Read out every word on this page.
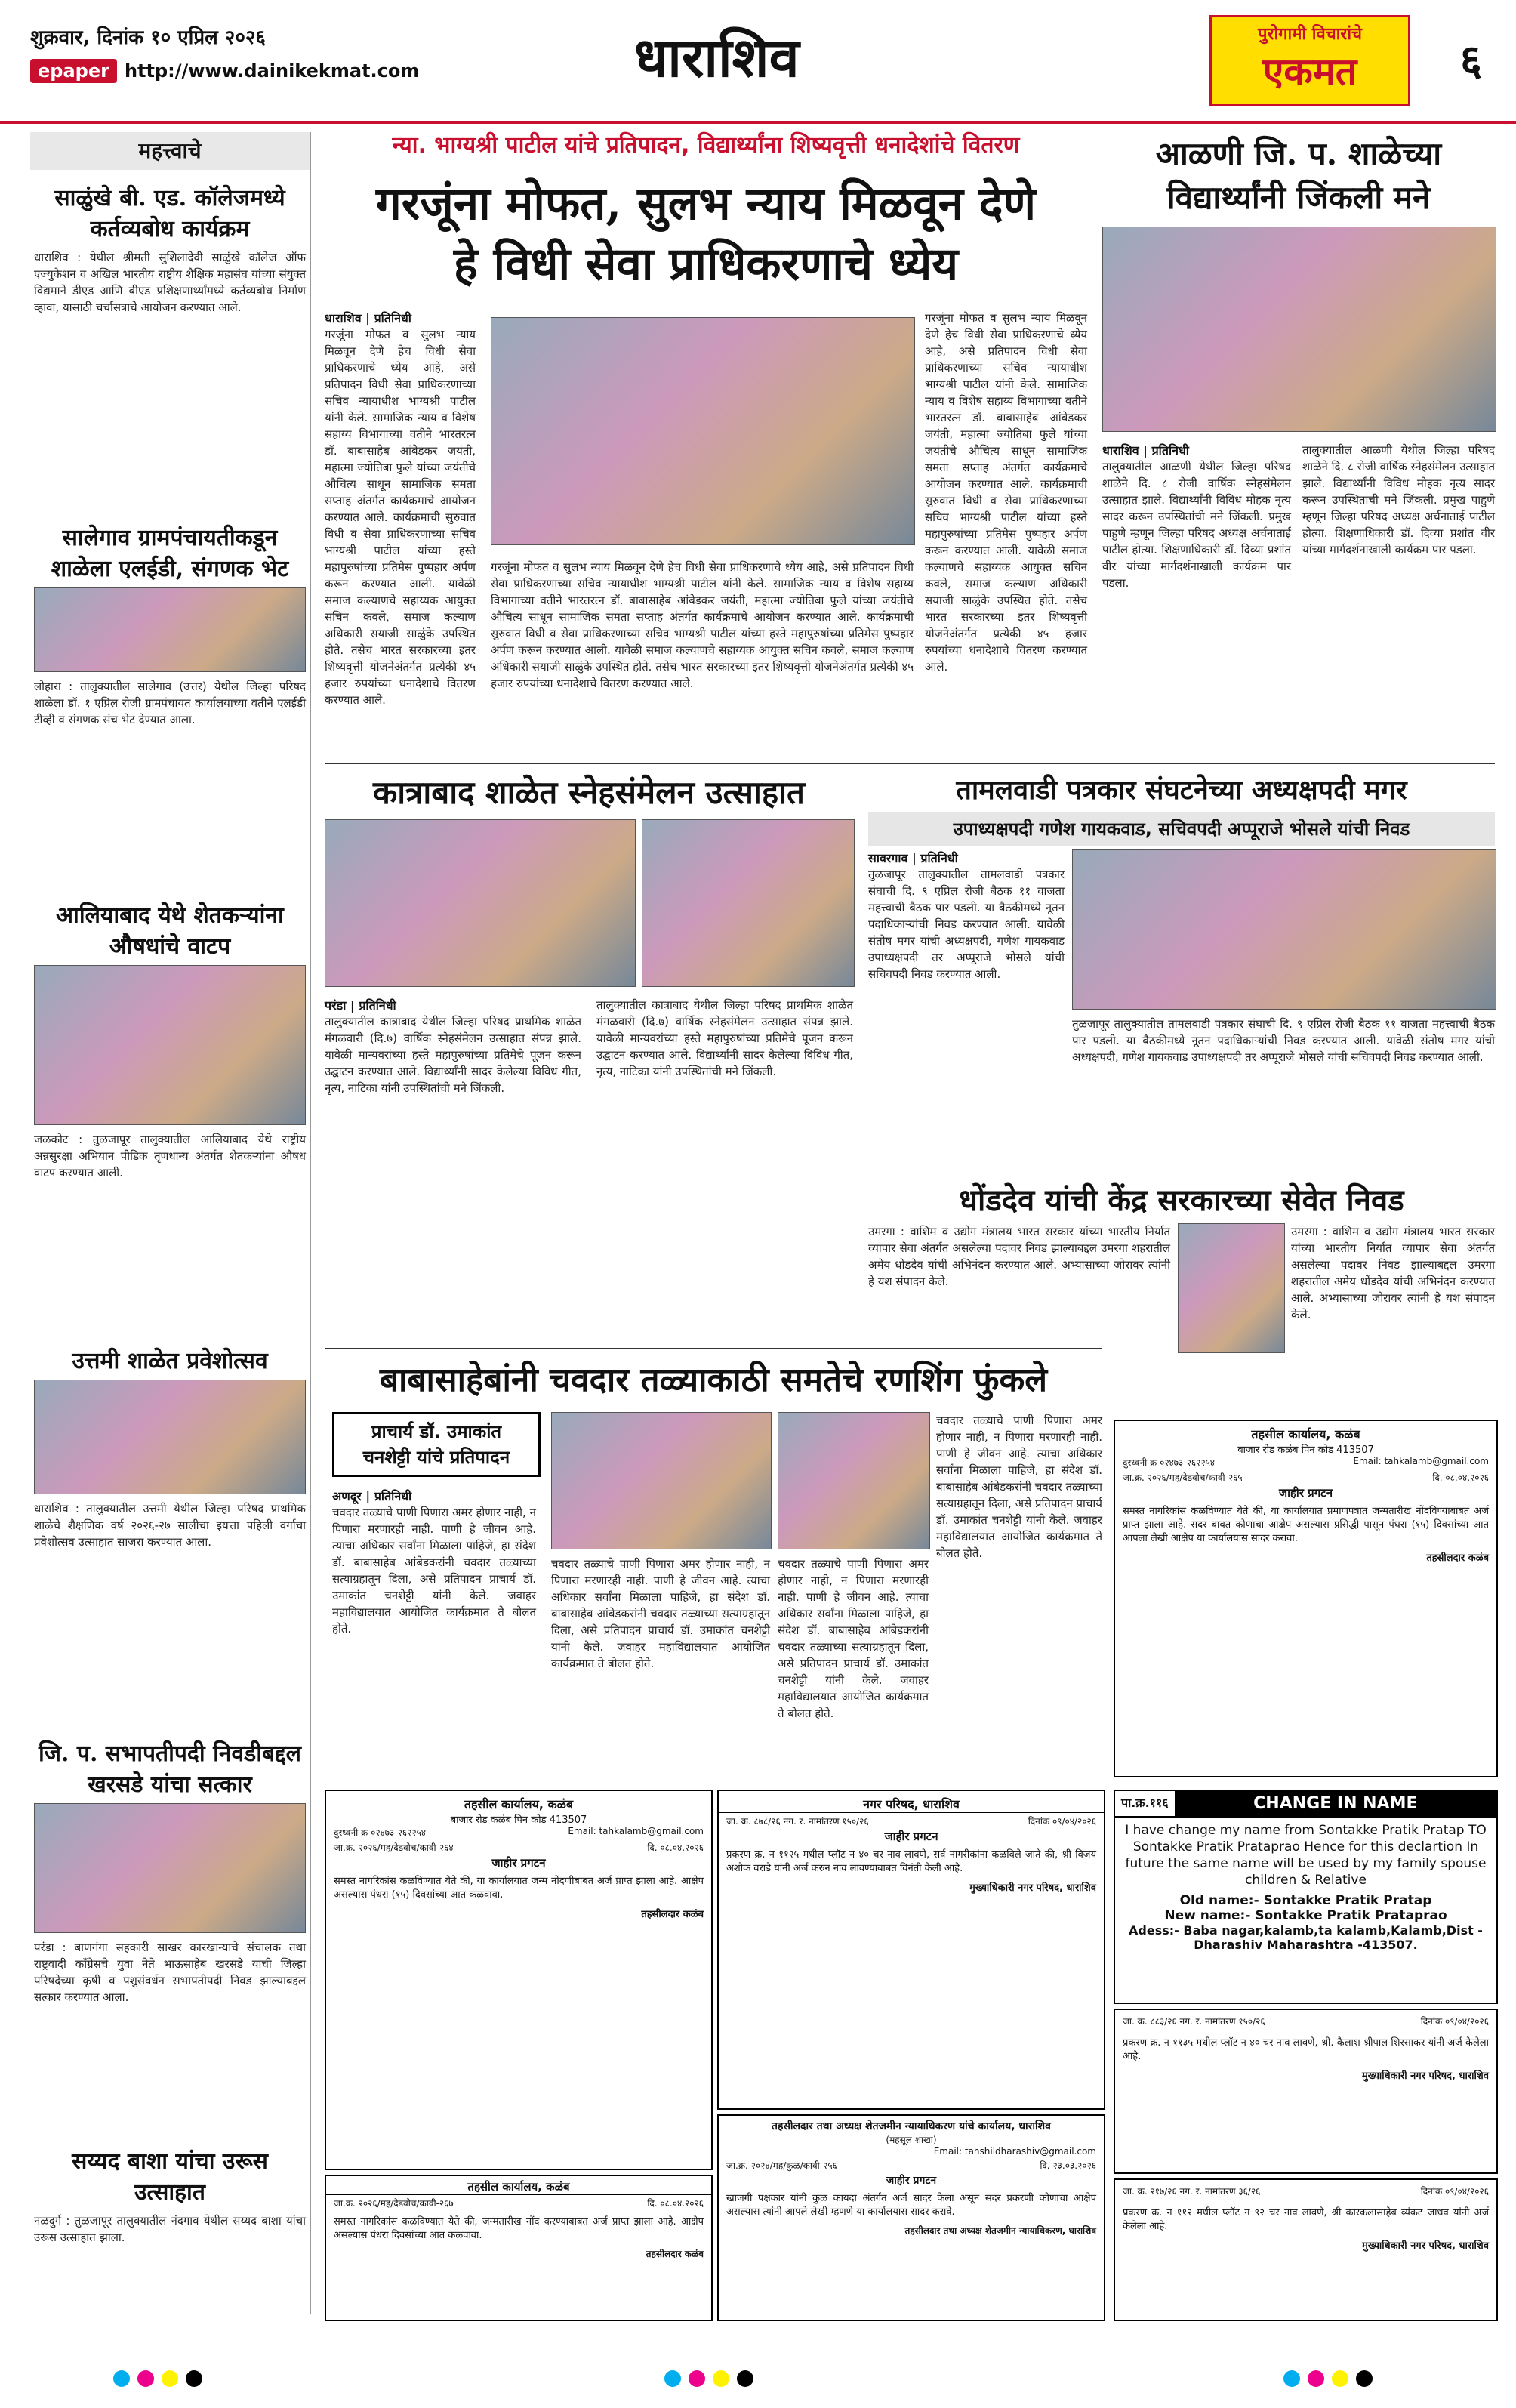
शुक्रवार, दिनांक १० एप्रिल २०२६
epaper http://www.dainikekmat.com	धाराशिव	पुरोगामी विचारांचे
एकमत	६
महत्त्वाचे
साळुंखे बी. एड. कॉलेजमध्ये कर्तव्यबोध कार्यक्रम
धाराशिव : येथील श्रीमती सुशिलादेवी साळुंखे कॉलेज ऑफ एज्युकेशन व अखिल भारतीय राष्ट्रीय शैक्षिक महासंघ यांच्या संयुक्त विद्यमाने डीएड आणि बीएड प्रशिक्षणार्थ्यांमध्ये कर्तव्यबोध निर्माण व्हावा, यासाठी चर्चासत्राचे आयोजन करण्यात आले.
सालेगाव ग्रामपंचायतीकडून शाळेला एलईडी, संगणक भेट
लोहारा : तालुक्यातील सालेगाव (उत्तर) येथील जिल्हा परिषद शाळेला डॉ. १ एप्रिल रोजी ग्रामपंचायत कार्यालयाच्या वतीने एलईडी टीव्ही व संगणक संच भेट देण्यात आला.
आलियाबाद येथे शेतकऱ्यांना औषधांचे वाटप
जळकोट : तुळजापूर तालुक्यातील आलियाबाद येथे राष्ट्रीय अन्नसुरक्षा अभियान पीडिक तृणधान्य अंतर्गत शेतकऱ्यांना औषध वाटप करण्यात आली.
उत्तमी शाळेत प्रवेशोत्सव
धाराशिव : तालुक्यातील उत्तमी येथील जिल्हा परिषद प्राथमिक शाळेचे शैक्षणिक वर्ष २०२६-२७ सालीचा इयत्ता पहिली वर्गाचा प्रवेशोत्सव उत्साहात साजरा करण्यात आला.
जि. प. सभापतीपदी निवडीबद्दल खरसडे यांचा सत्कार
परंडा : बाणगंगा सहकारी साखर कारखान्याचे संचालक तथा राष्ट्रवादी काँग्रेसचे युवा नेते भाऊसाहेब खरसडे यांची जिल्हा परिषदेच्या कृषी व पशुसंवर्धन सभापतीपदी निवड झाल्याबद्दल सत्कार करण्यात आला.
सय्यद बाशा यांचा उरूस उत्साहात
नळदुर्ग : तुळजापूर तालुक्यातील नंदगाव येथील सय्यद बाशा यांचा उरूस उत्साहात झाला.
न्या. भाग्यश्री पाटील यांचे प्रतिपादन, विद्यार्थ्यांना शिष्यवृत्ती धनादेशांचे वितरण
गरजूंना मोफत, सुलभ न्याय मिळवून देणे
हे विधी सेवा प्राधिकरणाचे ध्येय
धाराशिव | प्रतिनिधी
गरजूंना मोफत व सुलभ न्याय मिळवून देणे हेच विधी सेवा प्राधिकरणाचे ध्येय आहे, असे प्रतिपादन विधी सेवा प्राधिकरणाच्या सचिव न्यायाधीश भाग्यश्री पाटील यांनी केले. सामाजिक न्याय व विशेष सहाय्य विभागाच्या वतीने भारतरत्न डॉ. बाबासाहेब आंबेडकर जयंती, महात्मा ज्योतिबा फुले यांच्या जयंतीचे औचित्य साधून सामाजिक समता सप्ताह अंतर्गत कार्यक्रमाचे आयोजन करण्यात आले. कार्यक्रमाची सुरुवात विधी व सेवा प्राधिकरणाच्या सचिव भाग्यश्री पाटील यांच्या हस्ते महापुरुषांच्या प्रतिमेस पुष्पहार अर्पण करून करण्यात आली. यावेळी समाज कल्याणचे सहाय्यक आयुक्त सचिन कवले, समाज कल्याण अधिकारी सयाजी साळुंके उपस्थित होते. तसेच भारत सरकारच्या इतर शिष्यवृत्ती योजनेअंतर्गत प्रत्येकी ४५ हजार रुपयांच्या धनादेशाचे वितरण करण्यात आले.
गरजूंना मोफत व सुलभ न्याय मिळवून देणे हेच विधी सेवा प्राधिकरणाचे ध्येय आहे, असे प्रतिपादन विधी सेवा प्राधिकरणाच्या सचिव न्यायाधीश भाग्यश्री पाटील यांनी केले. सामाजिक न्याय व विशेष सहाय्य विभागाच्या वतीने भारतरत्न डॉ. बाबासाहेब आंबेडकर जयंती, महात्मा ज्योतिबा फुले यांच्या जयंतीचे औचित्य साधून सामाजिक समता सप्ताह अंतर्गत कार्यक्रमाचे आयोजन करण्यात आले. कार्यक्रमाची सुरुवात विधी व सेवा प्राधिकरणाच्या सचिव भाग्यश्री पाटील यांच्या हस्ते महापुरुषांच्या प्रतिमेस पुष्पहार अर्पण करून करण्यात आली. यावेळी समाज कल्याणचे सहाय्यक आयुक्त सचिन कवले, समाज कल्याण अधिकारी सयाजी साळुंके उपस्थित होते. तसेच भारत सरकारच्या इतर शिष्यवृत्ती योजनेअंतर्गत प्रत्येकी ४५ हजार रुपयांच्या धनादेशाचे वितरण करण्यात आले.
गरजूंना मोफत व सुलभ न्याय मिळवून देणे हेच विधी सेवा प्राधिकरणाचे ध्येय आहे, असे प्रतिपादन विधी सेवा प्राधिकरणाच्या सचिव न्यायाधीश भाग्यश्री पाटील यांनी केले. सामाजिक न्याय व विशेष सहाय्य विभागाच्या वतीने भारतरत्न डॉ. बाबासाहेब आंबेडकर जयंती, महात्मा ज्योतिबा फुले यांच्या जयंतीचे औचित्य साधून सामाजिक समता सप्ताह अंतर्गत कार्यक्रमाचे आयोजन करण्यात आले. कार्यक्रमाची सुरुवात विधी व सेवा प्राधिकरणाच्या सचिव भाग्यश्री पाटील यांच्या हस्ते महापुरुषांच्या प्रतिमेस पुष्पहार अर्पण करून करण्यात आली. यावेळी समाज कल्याणचे सहाय्यक आयुक्त सचिन कवले, समाज कल्याण अधिकारी सयाजी साळुंके उपस्थित होते. तसेच भारत सरकारच्या इतर शिष्यवृत्ती योजनेअंतर्गत प्रत्येकी ४५ हजार रुपयांच्या धनादेशाचे वितरण करण्यात आले.
आळणी जि. प. शाळेच्या
विद्यार्थ्यांनी जिंकली मने
धाराशिव | प्रतिनिधी
तालुक्यातील आळणी येथील जिल्हा परिषद शाळेने दि. ८ रोजी वार्षिक स्नेहसंमेलन उत्साहात झाले. विद्यार्थ्यांनी विविध मोहक नृत्य सादर करून उपस्थितांची मने जिंकली. प्रमुख पाहुणे म्हणून जिल्हा परिषद अध्यक्ष अर्चनाताई पाटील होत्या. शिक्षणाधिकारी डॉ. दिव्या प्रशांत वीर यांच्या मार्गदर्शनाखाली कार्यक्रम पार पडला.
तालुक्यातील आळणी येथील जिल्हा परिषद शाळेने दि. ८ रोजी वार्षिक स्नेहसंमेलन उत्साहात झाले. विद्यार्थ्यांनी विविध मोहक नृत्य सादर करून उपस्थितांची मने जिंकली. प्रमुख पाहुणे म्हणून जिल्हा परिषद अध्यक्ष अर्चनाताई पाटील होत्या. शिक्षणाधिकारी डॉ. दिव्या प्रशांत वीर यांच्या मार्गदर्शनाखाली कार्यक्रम पार पडला.
कात्राबाद शाळेत स्नेहसंमेलन उत्साहात
परंडा | प्रतिनिधी
तालुक्यातील कात्राबाद येथील जिल्हा परिषद प्राथमिक शाळेत मंगळवारी (दि.७) वार्षिक स्नेहसंमेलन उत्साहात संपन्न झाले. यावेळी मान्यवरांच्या हस्ते महापुरुषांच्या प्रतिमेचे पूजन करून उद्घाटन करण्यात आले. विद्यार्थ्यांनी सादर केलेल्या विविध गीत, नृत्य, नाटिका यांनी उपस्थितांची मने जिंकली.
तालुक्यातील कात्राबाद येथील जिल्हा परिषद प्राथमिक शाळेत मंगळवारी (दि.७) वार्षिक स्नेहसंमेलन उत्साहात संपन्न झाले. यावेळी मान्यवरांच्या हस्ते महापुरुषांच्या प्रतिमेचे पूजन करून उद्घाटन करण्यात आले. विद्यार्थ्यांनी सादर केलेल्या विविध गीत, नृत्य, नाटिका यांनी उपस्थितांची मने जिंकली.
तामलवाडी पत्रकार संघटनेच्या अध्यक्षपदी मगर
उपाध्यक्षपदी गणेश गायकवाड, सचिवपदी अप्पूराजे भोसले यांची निवड
सावरगाव | प्रतिनिधी
तुळजापूर तालुक्यातील तामलवाडी पत्रकार संघाची दि. ९ एप्रिल रोजी बैठक ११ वाजता महत्त्वाची बैठक पार पडली. या बैठकीमध्ये नूतन पदाधिकाऱ्यांची निवड करण्यात आली. यावेळी संतोष मगर यांची अध्यक्षपदी, गणेश गायकवाड उपाध्यक्षपदी तर अप्पूराजे भोसले यांची सचिवपदी निवड करण्यात आली.
तुळजापूर तालुक्यातील तामलवाडी पत्रकार संघाची दि. ९ एप्रिल रोजी बैठक ११ वाजता महत्त्वाची बैठक पार पडली. या बैठकीमध्ये नूतन पदाधिकाऱ्यांची निवड करण्यात आली. यावेळी संतोष मगर यांची अध्यक्षपदी, गणेश गायकवाड उपाध्यक्षपदी तर अप्पूराजे भोसले यांची सचिवपदी निवड करण्यात आली.
धोंडदेव यांची केंद्र सरकारच्या सेवेत निवड
उमरगा : वाशिम व उद्योग मंत्रालय भारत सरकार यांच्या भारतीय निर्यात व्यापार सेवा अंतर्गत असलेल्या पदावर निवड झाल्याबद्दल उमरगा शहरातील अमेय धोंडदेव यांची अभिनंदन करण्यात आले. अभ्यासाच्या जोरावर त्यांनी हे यश संपादन केले.
उमरगा : वाशिम व उद्योग मंत्रालय भारत सरकार यांच्या भारतीय निर्यात व्यापार सेवा अंतर्गत असलेल्या पदावर निवड झाल्याबद्दल उमरगा शहरातील अमेय धोंडदेव यांची अभिनंदन करण्यात आले. अभ्यासाच्या जोरावर त्यांनी हे यश संपादन केले.
बाबासाहेबांनी चवदार तळ्याकाठी समतेचे रणशिंग फुंकले
प्राचार्य डॉ. उमाकांत
चनशेट्टी यांचे प्रतिपादन
अणदूर | प्रतिनिधी
चवदार तळ्याचे पाणी पिणारा अमर होणार नाही, न पिणारा मरणारही नाही. पाणी हे जीवन आहे. त्याचा अधिकार सर्वांना मिळाला पाहिजे, हा संदेश डॉ. बाबासाहेब आंबेडकरांनी चवदार तळ्याच्या सत्याग्रहातून दिला, असे प्रतिपादन प्राचार्य डॉ. उमाकांत चनशेट्टी यांनी केले. जवाहर महाविद्यालयात आयोजित कार्यक्रमात ते बोलत होते.
चवदार तळ्याचे पाणी पिणारा अमर होणार नाही, न पिणारा मरणारही नाही. पाणी हे जीवन आहे. त्याचा अधिकार सर्वांना मिळाला पाहिजे, हा संदेश डॉ. बाबासाहेब आंबेडकरांनी चवदार तळ्याच्या सत्याग्रहातून दिला, असे प्रतिपादन प्राचार्य डॉ. उमाकांत चनशेट्टी यांनी केले. जवाहर महाविद्यालयात आयोजित कार्यक्रमात ते बोलत होते.
चवदार तळ्याचे पाणी पिणारा अमर होणार नाही, न पिणारा मरणारही नाही. पाणी हे जीवन आहे. त्याचा अधिकार सर्वांना मिळाला पाहिजे, हा संदेश डॉ. बाबासाहेब आंबेडकरांनी चवदार तळ्याच्या सत्याग्रहातून दिला, असे प्रतिपादन प्राचार्य डॉ. उमाकांत चनशेट्टी यांनी केले. जवाहर महाविद्यालयात आयोजित कार्यक्रमात ते बोलत होते.
चवदार तळ्याचे पाणी पिणारा अमर होणार नाही, न पिणारा मरणारही नाही. पाणी हे जीवन आहे. त्याचा अधिकार सर्वांना मिळाला पाहिजे, हा संदेश डॉ. बाबासाहेब आंबेडकरांनी चवदार तळ्याच्या सत्याग्रहातून दिला, असे प्रतिपादन प्राचार्य डॉ. उमाकांत चनशेट्टी यांनी केले. जवाहर महाविद्यालयात आयोजित कार्यक्रमात ते बोलत होते.
तहसील कार्यालय, कळंब
बाजार रोड कळंब पिन कोड 413507
दुरध्वनी क्र ०२४७३-२६२२५४	Email: tahkalamb@gmail.com
जा.क्र. २०२६/मह/देडवोच/कावी-२६५	दि. ०८.०४.२०२६
जाहीर प्रगटन
समस्त नागरिकांस कळविण्यात येते की, या कार्यालयात प्रमाणपत्रात जन्मतारीख नोंदविण्याबाबत अर्ज प्राप्त झाला आहे. सदर बाबत कोणाचा आक्षेप असल्यास प्रसिद्धी पासून पंधरा (१५) दिवसांच्या आत आपला लेखी आक्षेप या कार्यालयास सादर करावा.
तहसीलदार कळंब
तहसील कार्यालय, कळंब
बाजार रोड कळंब पिन कोड 413507
दुरध्वनी क्र ०२४७३-२६२२५४	Email: tahkalamb@gmail.com
जा.क्र. २०२६/मह/देडवोच/कावी-२६४	दि. ०८.०४.२०२६
जाहीर प्रगटन
समस्त नागरिकांस कळविण्यात येते की, या कार्यालयात जन्म नोंदणीबाबत अर्ज प्राप्त झाला आहे. आक्षेप असल्यास पंधरा (१५) दिवसांच्या आत कळवावा.
तहसीलदार कळंब
नगर परिषद, धाराशिव
जा. क्र. ८७८/२६ नग. र. नामांतरण १५०/२६	दिनांक ०९/०४/२०२६
जाहीर प्रगटन
प्रकरण क्र. न ११२५ मधील प्लॉट न ४० चर नाव लावणे, सर्व नागरीकांना कळविले जाते की, श्री विजय अशोक वराडे यांनी अर्ज करुन नाव लावण्याबाबत विनंती केली आहे.
मुख्याधिकारी नगर परिषद, धाराशिव
तहसीलदार तथा अध्यक्ष शेतजमीन न्यायाधिकरण यांचे कार्यालय, धाराशिव
(महसूल शाखा)
Email: tahshildharashiv@gmail.com
जा.क्र. २०२४/मह/कुळ/कावी-२५६	दि. २३.०३.२०२६
जाहीर प्रगटन
खाजगी पक्षकार यांनी कुळ कायदा अंतर्गत अर्ज सादर केला असून सदर प्रकरणी कोणाचा आक्षेप असल्यास त्यांनी आपले लेखी म्हणणे या कार्यालयास सादर करावे.
तहसीलदार तथा अध्यक्ष शेतजमीन न्यायाधिकरण, धाराशिव
पा.क्र.११६	CHANGE IN NAME
I have change my name from Sontakke Pratik Pratap TO Sontakke Pratik Prataprao Hence for this declartion In future the same name will be used by my family spouse children & Relative
Old name:- Sontakke Pratik Pratap
New name:- Sontakke Pratik Prataprao
Adess:- Baba nagar,kalamb,ta kalamb,Kalamb,Dist -Dharashiv Maharashtra -413507.
जा. क्र. ८८३/२६ नग. र. नामांतरण १५०/२६	दिनांक ०९/०४/२०२६
प्रकरण क्र. न ११३५ मधील प्लॉट न ४० चर नाव लावणे, श्री. कैलाश श्रीपाल शिरसाकर यांनी अर्ज केलेला आहे.
मुख्याधिकारी नगर परिषद, धाराशिव
जा. क्र. २१७/२६ नग. र. नामांतरण ३६/२६	दिनांक ०९/०४/२०२६
प्रकरण क्र. न ११२ मधील प्लॉट न ९२ चर नाव लावणे, श्री कारकलासाहेब व्यंकट जाधव यांनी अर्ज केलेला आहे.
मुख्याधिकारी नगर परिषद, धाराशिव
तहसील कार्यालय, कळंब
जा.क्र. २०२६/मह/देडवोच/कावी-२६७	दि. ०८.०४.२०२६
समस्त नागरिकांस कळविण्यात येते की, जन्मतारीख नोंद करण्याबाबत अर्ज प्राप्त झाला आहे. आक्षेप असल्यास पंधरा दिवसांच्या आत कळवावा.
तहसीलदार कळंब
